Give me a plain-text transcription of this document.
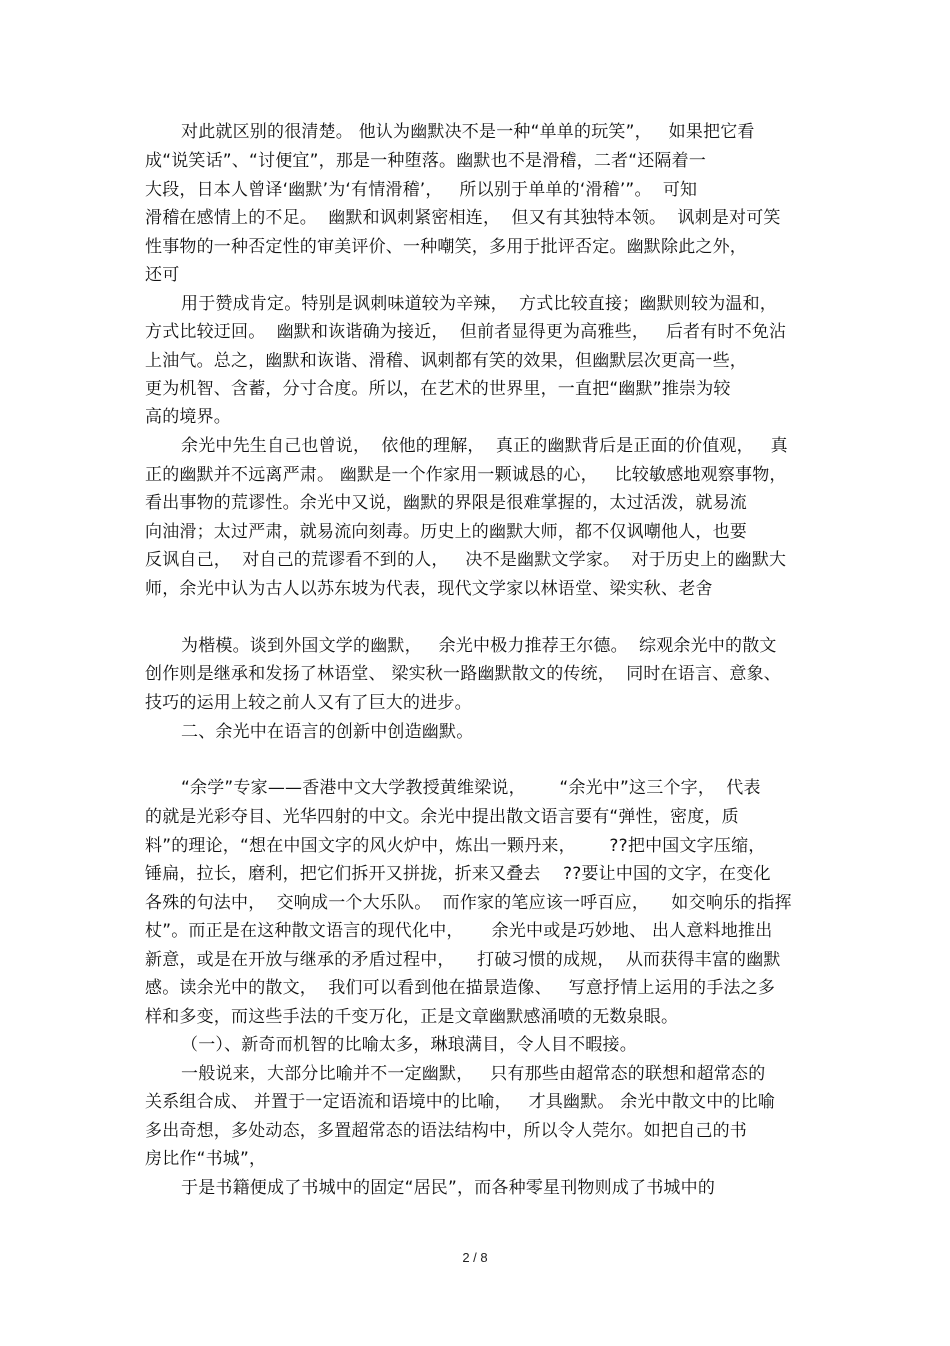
对此就区别的很清楚。 他认为幽默决不是一种“单单的玩笑”，   如果把它看
成“说笑话”、“讨便宜”，那是一种堕落。幽默也不是滑稽，二者“还隔着一
大段，日本人曾译‘幽默’为‘有情滑稽’，   所以别于单单的‘滑稽’”。  可知
滑稽在感情上的不足。  幽默和讽刺紧密相连，  但又有其独特本领。  讽刺是对可笑
性事物的一种否定性的审美评价、一种嘲笑，多用于批评否定。幽默除此之外，
还可
用于赞成肯定。特别是讽刺味道较为辛辣，  方式比较直接；幽默则较为温和，
方式比较迂回。  幽默和诙谐确为接近，  但前者显得更为高雅些，   后者有时不免沾
上油气。总之，幽默和诙谐、滑稽、讽刺都有笑的效果，但幽默层次更高一些，
更为机智、含蓄，分寸合度。所以，在艺术的世界里，一直把“幽默”推崇为较
高的境界。
余光中先生自己也曾说，  依他的理解，  真正的幽默背后是正面的价值观，   真
正的幽默并不远离严肃。 幽默是一个作家用一颗诚恳的心，   比较敏感地观察事物，
看出事物的荒谬性。余光中又说，幽默的界限是很难掌握的，太过活泼，就易流
向油滑；太过严肃，就易流向刻毒。历史上的幽默大师，都不仅讽嘲他人，也要
反讽自己，  对自己的荒谬看不到的人，   决不是幽默文学家。  对于历史上的幽默大
师，余光中认为古人以苏东坡为代表，现代文学家以林语堂、梁实秋、老舍
为楷模。谈到外国文学的幽默，   余光中极力推荐王尔德。  综观余光中的散文
创作则是继承和发扬了林语堂、 梁实秋一路幽默散文的传统，  同时在语言、意象、
技巧的运用上较之前人又有了巨大的进步。
二、余光中在语言的创新中创造幽默。
“余学”专家——香港中文大学教授黄维梁说，      “余光中”这三个字，  代表
的就是光彩夺目、光华四射的中文。余光中提出散文语言要有“弹性，密度，质
料”的理论，“想在中国文字的风火炉中，炼出一颗丹来，      ??把中国文字压缩，
锤扁，拉长，磨利，把它们拆开又拼拢，折来又叠去    ??要让中国的文字，在变化
各殊的句法中，  交响成一个大乐队。  而作家的笔应该一呼百应，    如交响乐的指挥
杖”。而正是在这种散文语言的现代化中，     余光中或是巧妙地、 出人意料地推出
新意，或是在开放与继承的矛盾过程中，    打破习惯的成规，  从而获得丰富的幽默
感。读余光中的散文，  我们可以看到他在描景造像、   写意抒情上运用的手法之多
样和多变，而这些手法的千变万化，正是文章幽默感涌喷的无数泉眼。
（一）、新奇而机智的比喻太多，琳琅满目，令人目不暇接。
一般说来，大部分比喻并不一定幽默，   只有那些由超常态的联想和超常态的
关系组合成、 并置于一定语流和语境中的比喻，   才具幽默。 余光中散文中的比喻
多出奇想，多处动态，多置超常态的语法结构中，所以令人莞尔。如把自己的书
房比作“书城”，
于是书籍便成了书城中的固定“居民”，而各种零星刊物则成了书城中的
2 / 8
